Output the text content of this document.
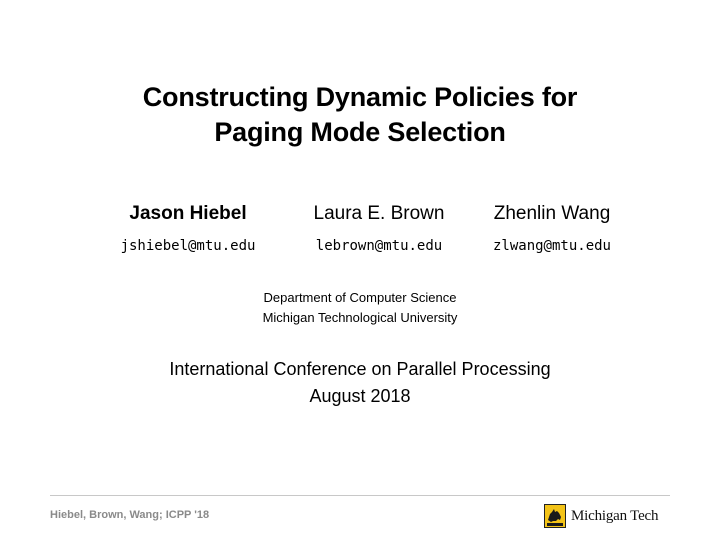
Constructing Dynamic Policies for
Paging Mode Selection
Jason Hiebel	Laura E. Brown	Zhenlin Wang
jshiebel@mtu.edu	lebrown@mtu.edu	zlwang@mtu.edu
Department of Computer Science
Michigan Technological University
International Conference on Parallel Processing
August 2018
Hiebel, Brown, Wang; ICPP '18	Michigan Tech
